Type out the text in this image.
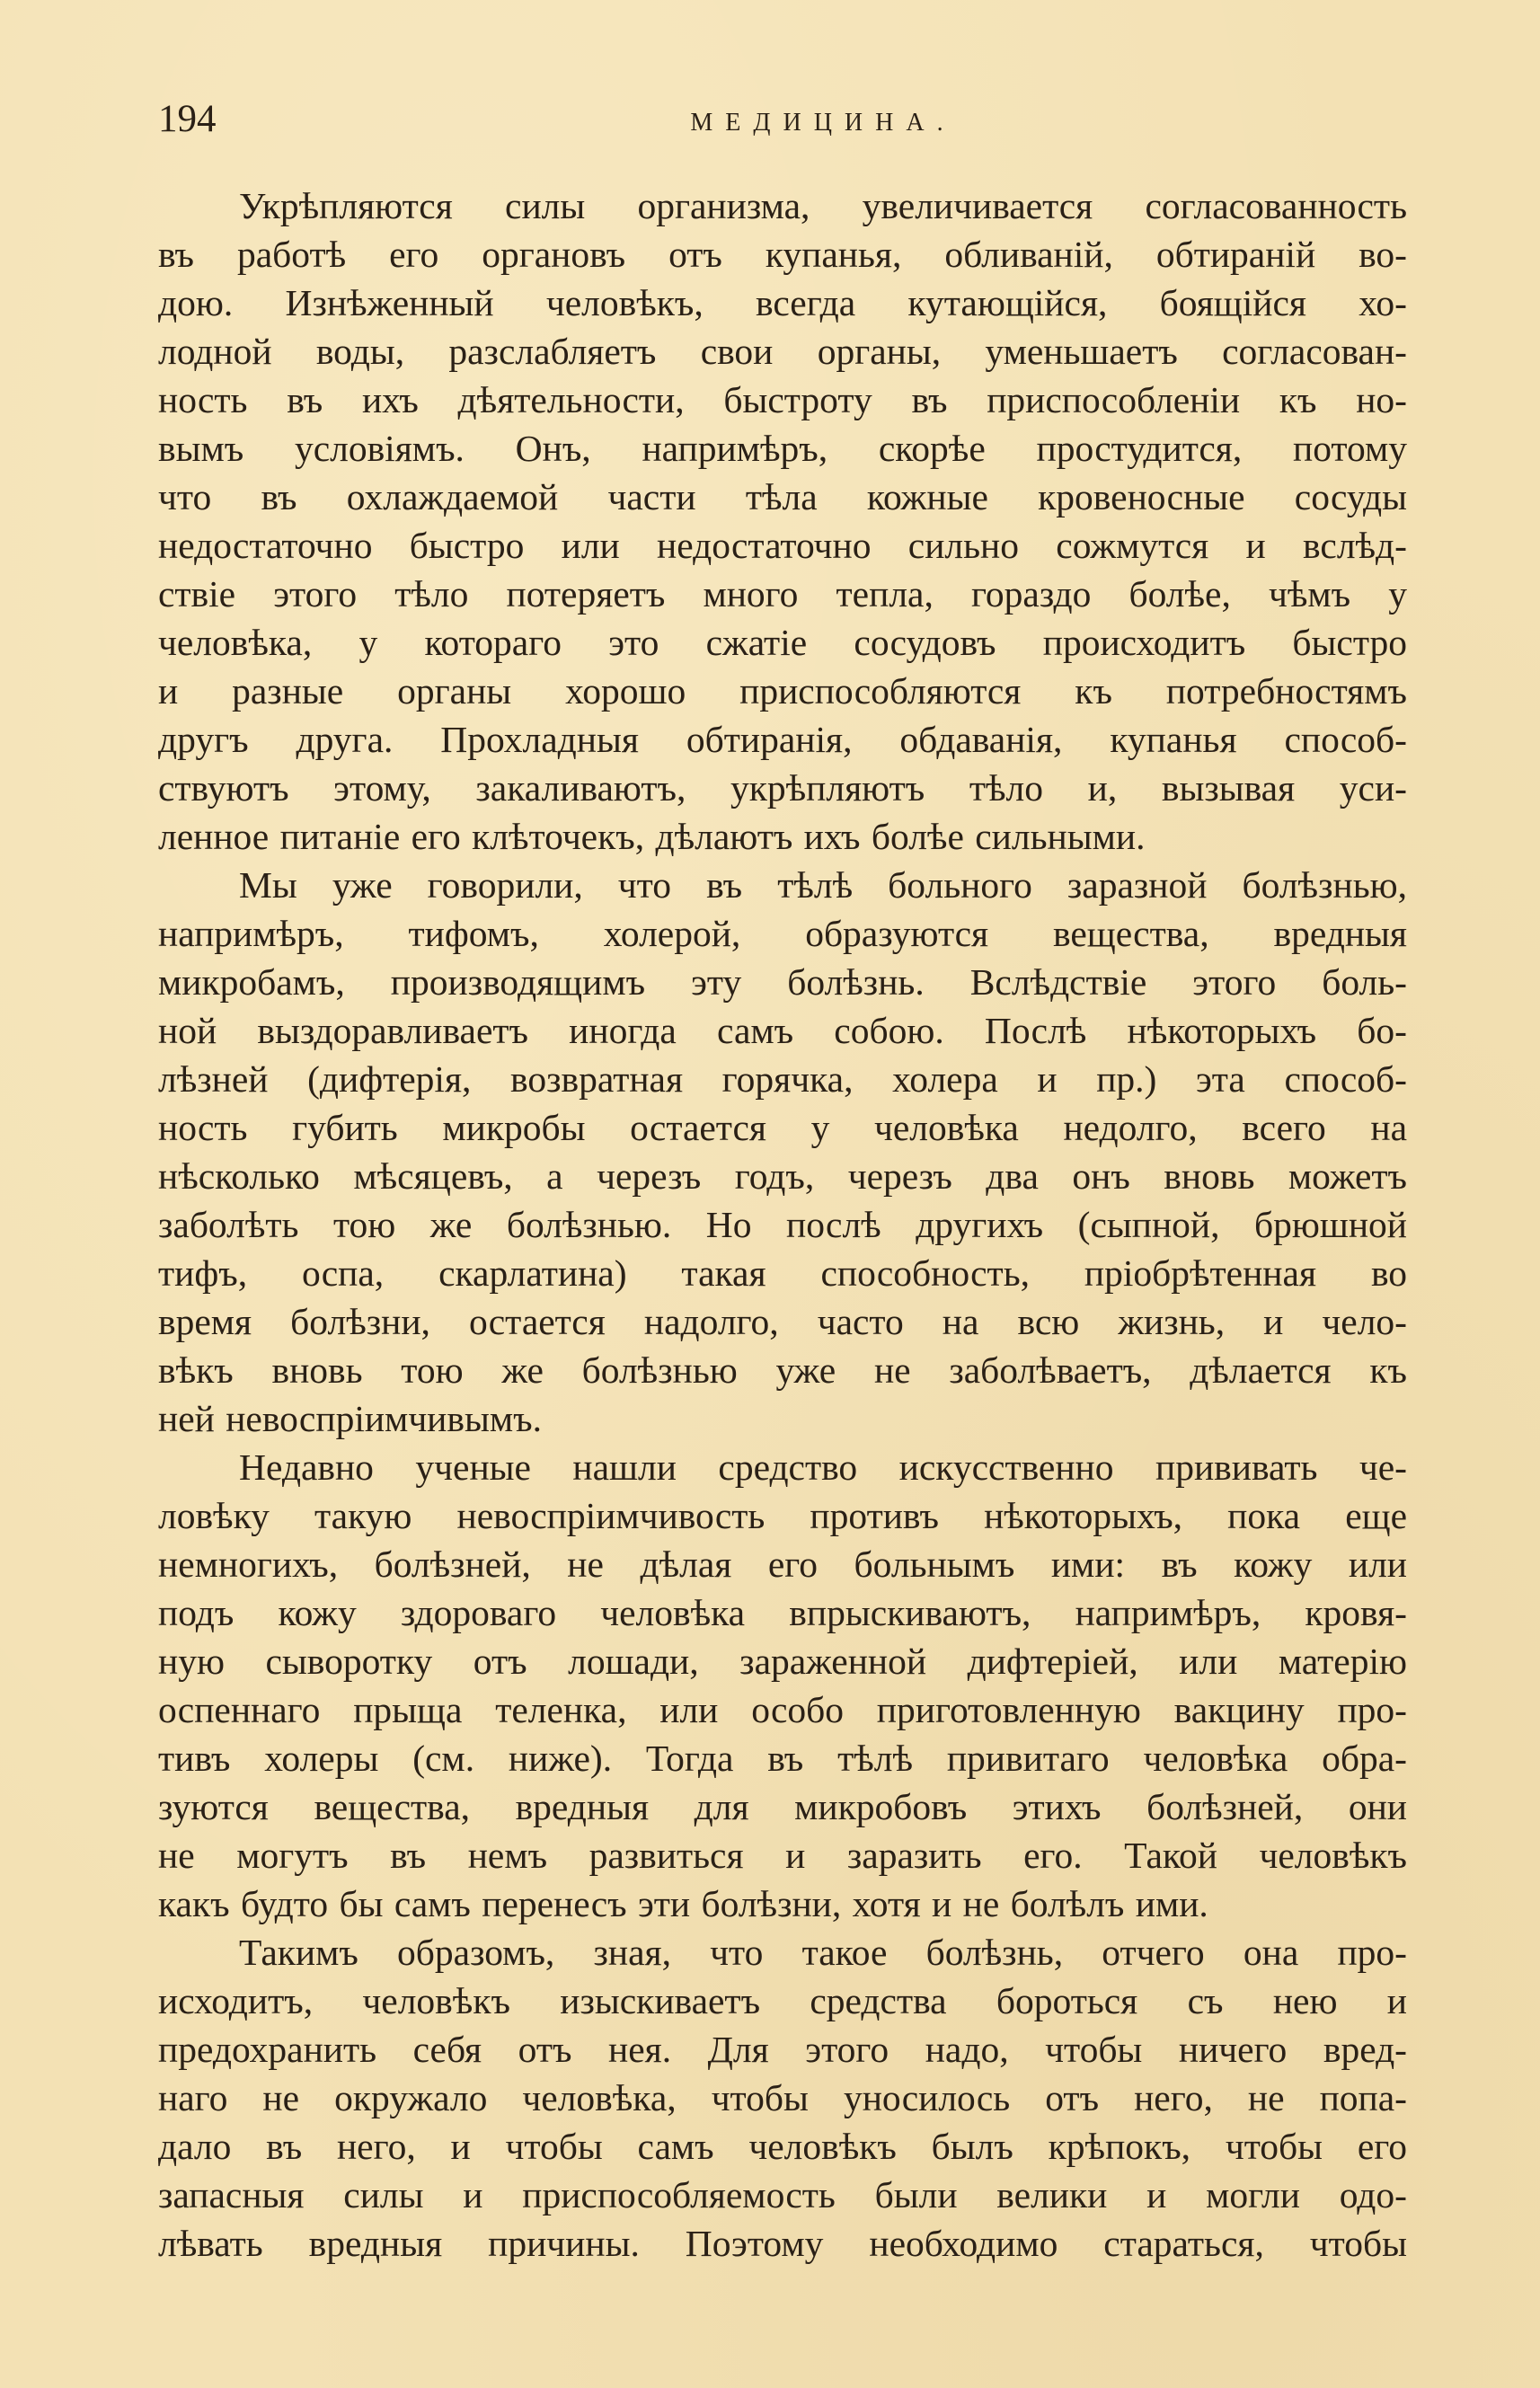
194	МЕДИЦИНА.
Укрѣпляются силы организма, увеличивается согласованность
въ работѣ его органовъ отъ купанья, обливаній, обтираній во-
дою. Изнѣженный человѣкъ, всегда кутающійся, боящійся хо-
лодной воды, разслабляетъ свои органы, уменьшаетъ согласован-
ность въ ихъ дѣятельности, быстроту въ приспособленіи къ но-
вымъ условіямъ. Онъ, напримѣръ, скорѣе простудится, потому
что въ охлаждаемой части тѣла кожные кровеносные сосуды
недостаточно быстро или недостаточно сильно сожмутся и вслѣд-
ствіе этого тѣло потеряетъ много тепла, гораздо болѣе, чѣмъ у
человѣка, у котораго это сжатіе сосудовъ происходитъ быстро
и разные органы хорошо приспособляются къ потребностямъ
другъ друга. Прохладныя обтиранія, обдаванія, купанья способ-
ствуютъ этому, закаливаютъ, укрѣпляютъ тѣло и, вызывая уси-
ленное питаніе его клѣточекъ, дѣлаютъ ихъ болѣе сильными.
Мы уже говорили, что въ тѣлѣ больного заразной болѣзнью,
напримѣръ, тифомъ, холерой, образуются вещества, вредныя
микробамъ, производящимъ эту болѣзнь. Вслѣдствіе этого боль-
ной выздоравливаетъ иногда самъ собою. Послѣ нѣкоторыхъ бо-
лѣзней (дифтерія, возвратная горячка, холера и пр.) эта способ-
ность губить микробы остается у человѣка недолго, всего на
нѣсколько мѣсяцевъ, а черезъ годъ, черезъ два онъ вновь можетъ
заболѣть тою же болѣзнью. Но послѣ другихъ (сыпной, брюшной
тифъ, оспа, скарлатина) такая способность, пріобрѣтенная во
время болѣзни, остается надолго, часто на всю жизнь, и чело-
вѣкъ вновь тою же болѣзнью уже не заболѣваетъ, дѣлается къ
ней невоспріимчивымъ.
Недавно ученые нашли средство искусственно прививать че-
ловѣку такую невоспріимчивость противъ нѣкоторыхъ, пока еще
немногихъ, болѣзней, не дѣлая его больнымъ ими: въ кожу или
подъ кожу здороваго человѣка впрыскиваютъ, напримѣръ, кровя-
ную сыворотку отъ лошади, зараженной дифтеріей, или матерію
оспеннаго прыща теленка, или особо приготовленную вакцину про-
тивъ холеры (см. ниже). Тогда въ тѣлѣ привитаго человѣка обра-
зуются вещества, вредныя для микробовъ этихъ болѣзней, они
не могутъ въ немъ развиться и заразить его. Такой человѣкъ
какъ будто бы самъ перенесъ эти болѣзни, хотя и не болѣлъ ими.
Такимъ образомъ, зная, что такое болѣзнь, отчего она про-
исходитъ, человѣкъ изыскиваетъ средства бороться съ нею и
предохранить себя отъ нея. Для этого надо, чтобы ничего вред-
наго не окружало человѣка, чтобы уносилось отъ него, не попа-
дало въ него, и чтобы самъ человѣкъ былъ крѣпокъ, чтобы его
запасныя силы и приспособляемость были велики и могли одо-
лѣвать вредныя причины. Поэтому необходимо стараться, чтобы
